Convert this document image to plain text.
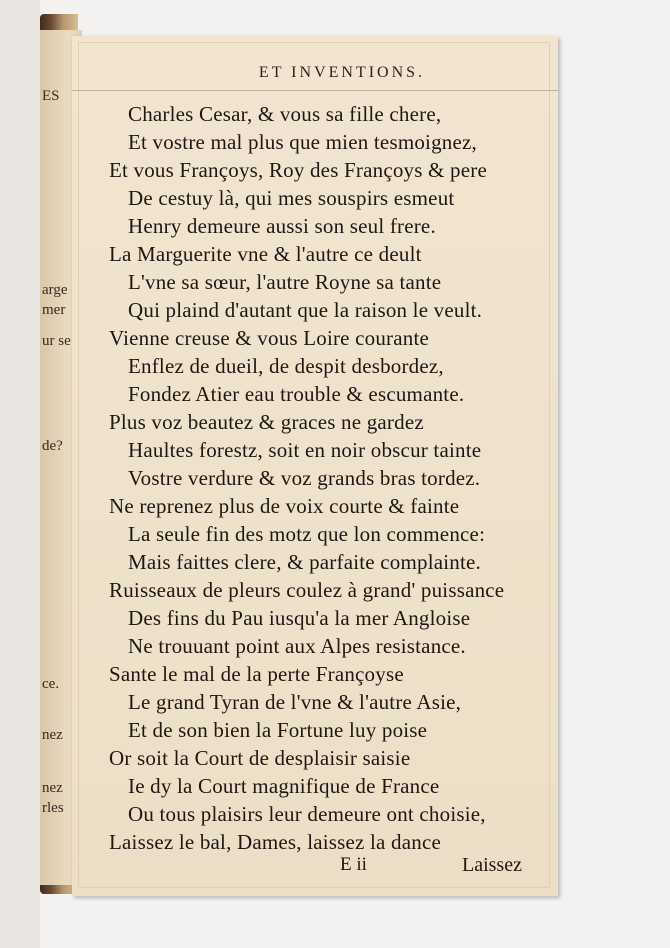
ES
arge
mer
ur se
de?
ce.
nez
nez
rles
ET INVENTIONS.
Charles Cesar, & vous sa fille chere,
Et vostre mal plus que mien tesmoignez,
Et vous Françoys, Roy des Françoys & pere
De cestuy là, qui mes souspirs esmeut
Henry demeure aussi son seul frere.
La Marguerite vne & l'autre ce deult
L'vne sa sœur, l'autre Royne sa tante
Qui plaind d'autant que la raison le veult.
Vienne creuse & vous Loire courante
Enflez de dueil, de despit desbordez,
Fondez Atier eau trouble & escumante.
Plus voz beautez & graces ne gardez
Haultes forestz, soit en noir obscur tainte
Vostre verdure & voz grands bras tordez.
Ne reprenez plus de voix courte & fainte
La seule fin des motz que lon commence:
Mais faittes clere, & parfaite complainte.
Ruisseaux de pleurs coulez à grand' puissance
Des fins du Pau iusqu'a la mer Angloise
Ne trouuant point aux Alpes resistance.
Sante le mal de la perte Françoyse
Le grand Tyran de l'vne & l'autre Asie,
Et de son bien la Fortune luy poise
Or soit la Court de desplaisir saisie
Ie dy la Court magnifique de France
Ou tous plaisirs leur demeure ont choisie,
Laissez le bal, Dames, laissez la dance
E ii	Laissez
